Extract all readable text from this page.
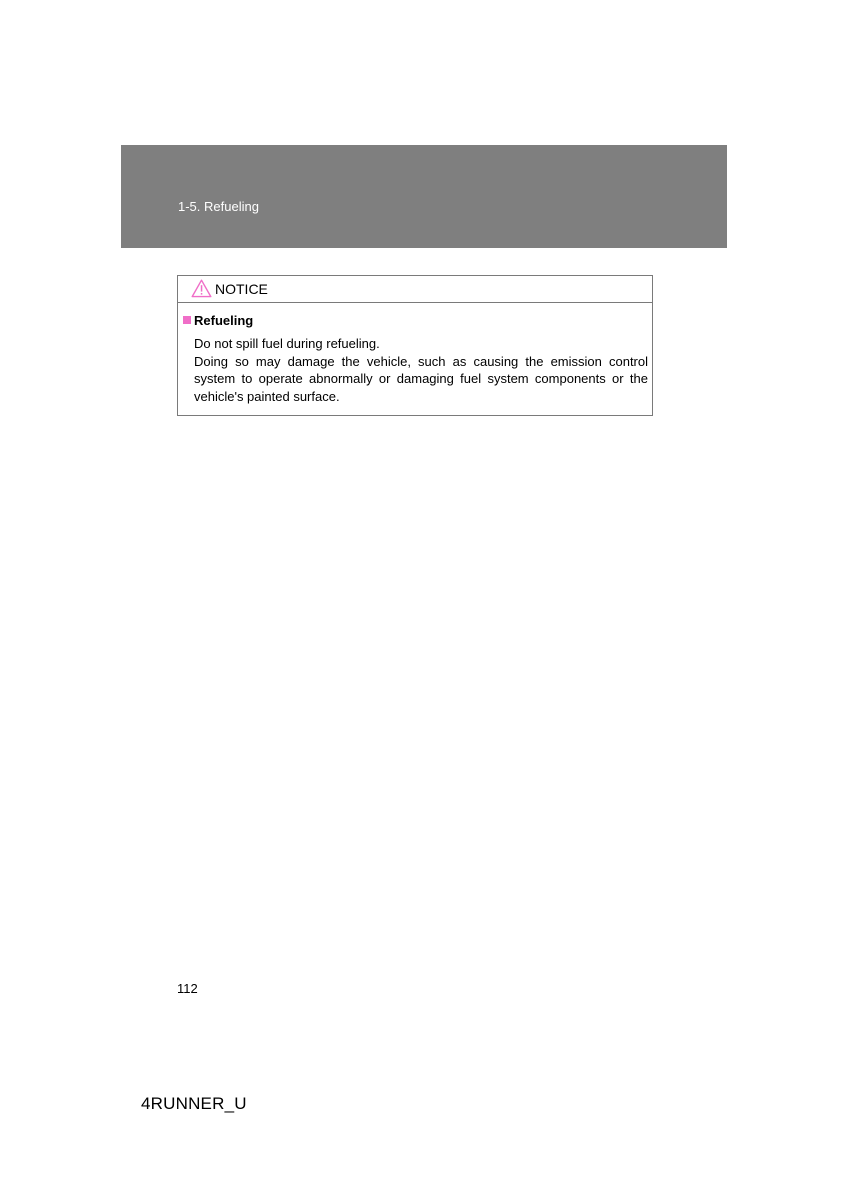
1-5. Refueling
NOTICE
Refueling

Do not spill fuel during refueling.

Doing so may damage the vehicle, such as causing the emission control system to operate abnormally or damaging fuel system components or the vehicle's painted surface.

112
4RUNNER_U
